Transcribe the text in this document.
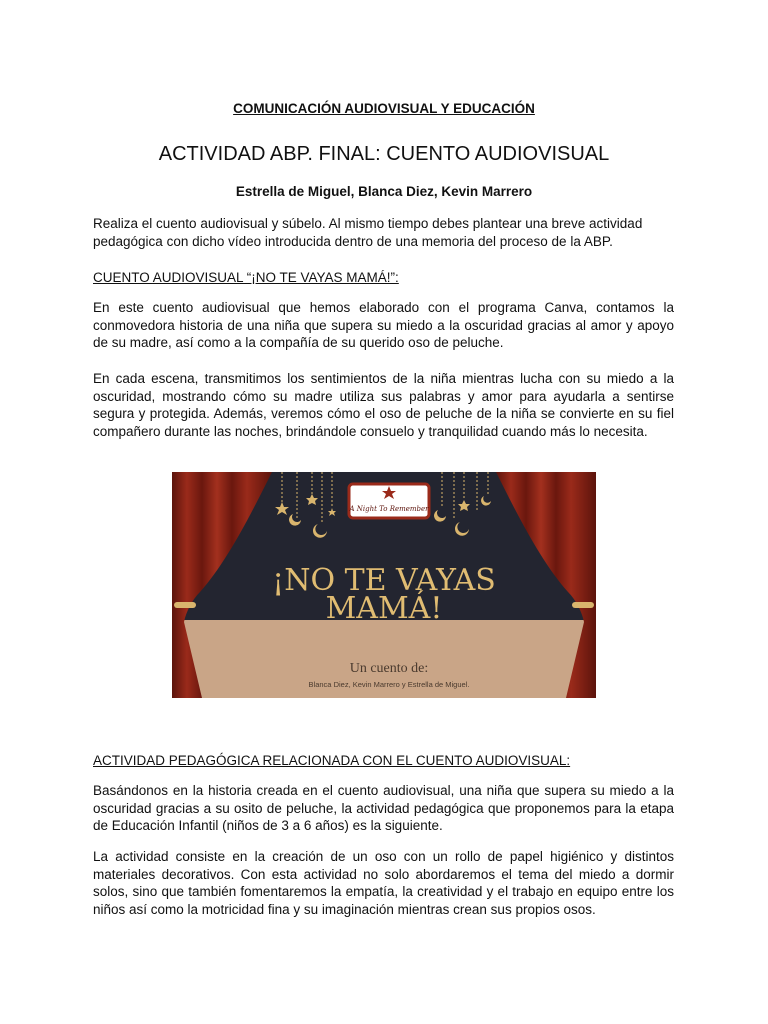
COMUNICACIÓN AUDIOVISUAL Y EDUCACIÓN
ACTIVIDAD ABP. FINAL: CUENTO AUDIOVISUAL
Estrella de Miguel, Blanca Diez, Kevin Marrero
Realiza el cuento audiovisual y súbelo. Al mismo tiempo debes plantear una breve actividad pedagógica con dicho vídeo introducida dentro de una memoria del proceso de la ABP.
CUENTO AUDIOVISUAL “¡NO TE VAYAS MAMÁ!”:
En este cuento audiovisual que hemos elaborado con el programa Canva, contamos la conmovedora historia de una niña que supera su miedo a la oscuridad gracias al amor y apoyo de su madre, así como a la compañía de su querido oso de peluche.
En cada escena, transmitimos los sentimientos de la niña mientras lucha con su miedo a la oscuridad, mostrando cómo su madre utiliza sus palabras y amor para ayudarla a sentirse segura y protegida. Además, veremos cómo el oso de peluche de la niña se convierte en su fiel compañero durante las noches, brindándole consuelo y tranquilidad cuando más lo necesita.
A Night To Remember
¡NO TE VAYAS
MAMÁ!
Un cuento de:
Blanca Diez, Kevin Marrero y Estrella de Miguel.
ACTIVIDAD PEDAGÓGICA RELACIONADA CON EL CUENTO AUDIOVISUAL:
Basándonos en la historia creada en el cuento audiovisual, una niña que supera su miedo a la oscuridad gracias a su osito de peluche, la actividad pedagógica que proponemos para la etapa de Educación Infantil (niños de 3 a 6 años) es la siguiente.
La actividad consiste en la creación de un oso con un rollo de papel higiénico y distintos materiales decorativos. Con esta actividad no solo abordaremos el tema del miedo a dormir solos, sino que también fomentaremos la empatía, la creatividad y el trabajo en equipo entre los niños así como la motricidad fina y su imaginación mientras crean sus propios osos.
